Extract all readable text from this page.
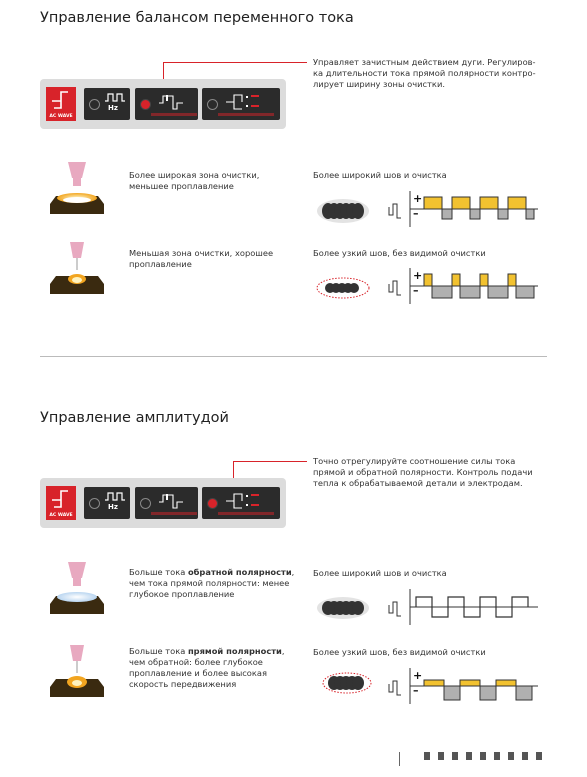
Управление балансом переменного тока
Управляет зачистным действием дуги. Регулиров-ка длительности тока прямой полярности контро-лирует ширину зоны очистки.
AC WAVE
Hz
Более широкая зона очистки, меньшее проплавление
Более широкий шов и очистка
+
–
Меньшая зона очистки, хорошее проплавление
Более узкий шов, без видимой очистки
+
–
Управление амплитудой
Точно отрегулируйте соотношение силы тока прямой и обратной полярности. Контроль подачи тепла к обрабатываемой детали и электродам.
AC WAVE
Hz
Больше тока обратной полярности, чем тока прямой полярности: менее глубокое проплавление
Более широкий шов и очистка
Больше тока прямой полярности, чем обратной: более глубокое проплавление и более высокая скорость передвижения
Более узкий шов, без видимой очистки
+
–
